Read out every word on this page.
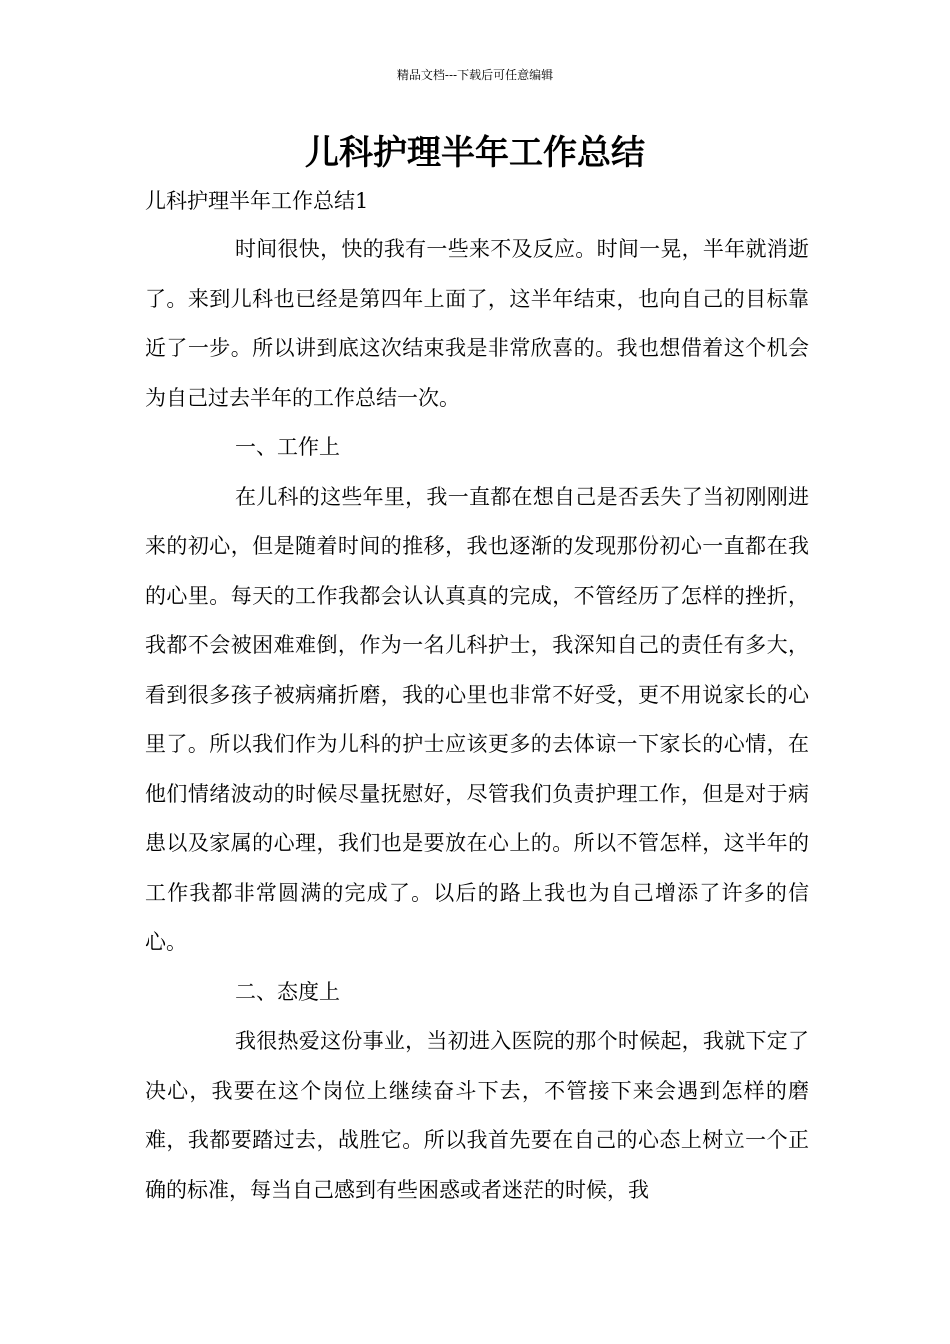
精品文档---下载后可任意编辑
儿科护理半年工作总结

儿科护理半年工作总结1

时间很快，快的我有一些来不及反应。时间一晃，半年就消逝了。来到儿科也已经是第四年上面了，这半年结束，也向自己的目标靠近了一步。所以讲到底这次结束我是非常欣喜的。我也想借着这个机会为自己过去半年的工作总结一次。

一、工作上

在儿科的这些年里，我一直都在想自己是否丢失了当初刚刚进来的初心，但是随着时间的推移，我也逐渐的发现那份初心一直都在我的心里。每天的工作我都会认认真真的完成，不管经历了怎样的挫折，我都不会被困难难倒，作为一名儿科护士，我深知自己的责任有多大，看到很多孩子被病痛折磨，我的心里也非常不好受，更不用说家长的心里了。所以我们作为儿科的护士应该更多的去体谅一下家长的心情，在他们情绪波动的时候尽量抚慰好，尽管我们负责护理工作，但是对于病患以及家属的心理，我们也是要放在心上的。所以不管怎样，这半年的工作我都非常圆满的完成了。以后的路上我也为自己增添了许多的信心。

二、态度上

我很热爱这份事业，当初进入医院的那个时候起，我就下定了决心，我要在这个岗位上继续奋斗下去，不管接下来会遇到怎样的磨难，我都要踏过去，战胜它。所以我首先要在自己的心态上树立一个正确的标准，每当自己感到有些困惑或者迷茫的时候，我
